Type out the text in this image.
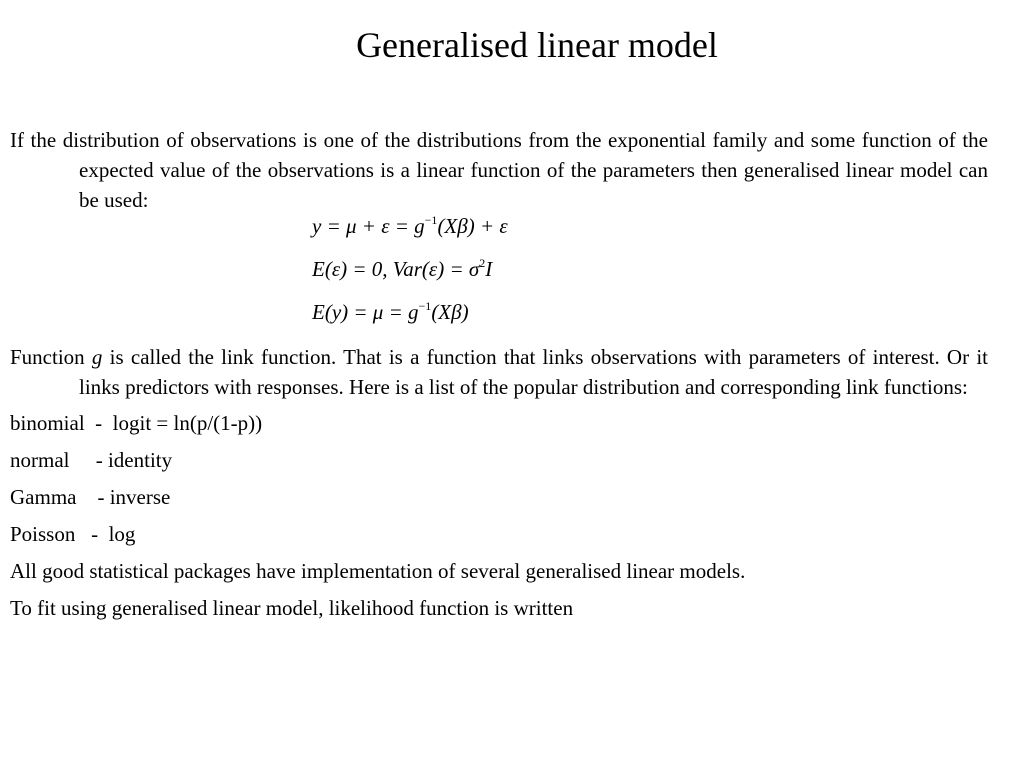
Generalised linear model

If the distribution of observations is one of the distributions from the exponential family and some function of the expected value of the observations is a linear function of the parameters then generalised linear model can be used:

$y = \mu + \varepsilon = g^{-1}(X\beta) + \varepsilon$
E(ε) = 0, $Var(\varepsilon) = \sigma^2I$
$E(y) = \mu = g^{-1}(X\beta)$

Function g is called the link function. That is a function that links observations with parameters of interest. Or it links predictors with responses. Here is a list of the popular distribution and corresponding link functions:

binomial  -  logit = ln(p/(1-p))

normal     - identity

Gamma    - inverse

Poisson   -  log

All good statistical packages have implementation of several generalised linear models.

To fit using generalised linear model, likelihood function is written
